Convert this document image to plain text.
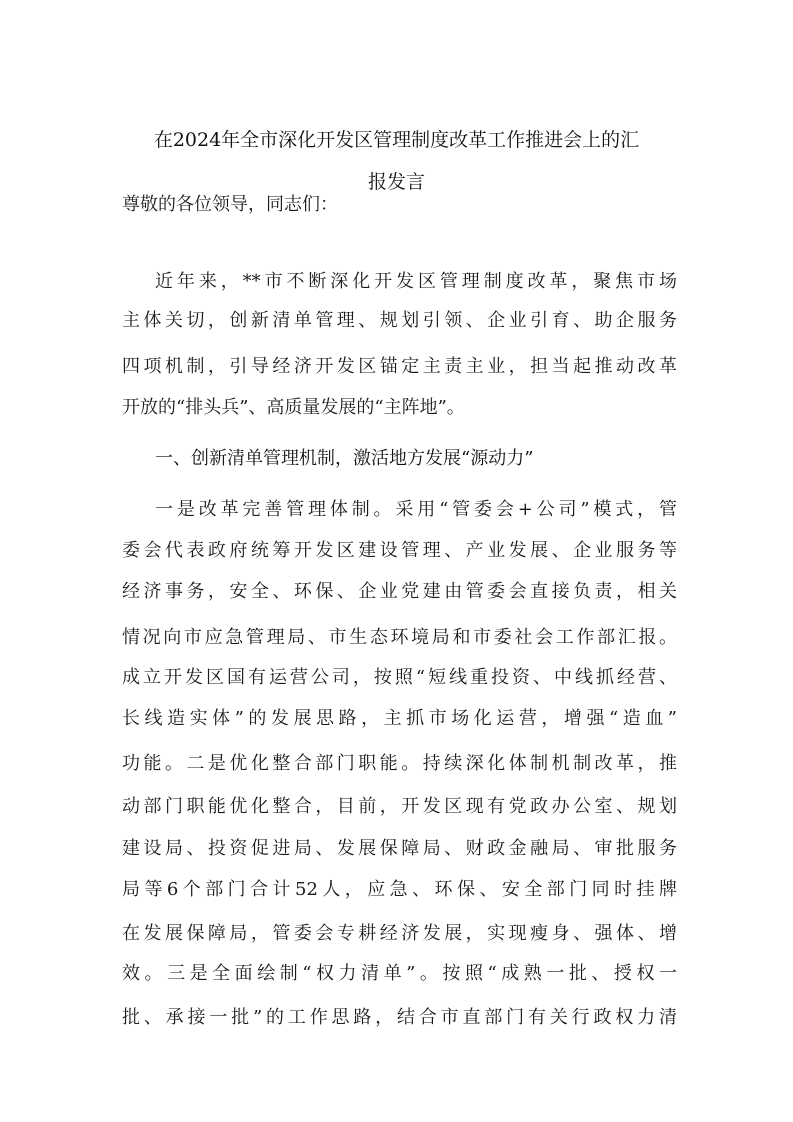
在2024年全市深化开发区管理制度改革工作推进会上的汇
报发言
尊敬的各位领导，同志们：
近年来，**市不断深化开发区管理制度改革，聚焦市场
主体关切，创新清单管理、规划引领、企业引育、助企服务
四项机制，引导经济开发区锚定主责主业，担当起推动改革
开放的“排头兵”、高质量发展的“主阵地”。
一、创新清单管理机制，激活地方发展“源动力”
一是改革完善管理体制。采用“管委会+公司”模式，管
委会代表政府统筹开发区建设管理、产业发展、企业服务等
经济事务，安全、环保、企业党建由管委会直接负责，相关
情况向市应急管理局、市生态环境局和市委社会工作部汇报。
成立开发区国有运营公司，按照“短线重投资、中线抓经营、
长线造实体”的发展思路，主抓市场化运营，增强“造血”
功能。二是优化整合部门职能。持续深化体制机制改革，推
动部门职能优化整合，目前，开发区现有党政办公室、规划
建设局、投资促进局、发展保障局、财政金融局、审批服务
局等6个部门合计52人，应急、环保、安全部门同时挂牌
在发展保障局，管委会专耕经济发展，实现瘦身、强体、增
效。三是全面绘制“权力清单”。按照“成熟一批、授权一
批、承接一批”的工作思路，结合市直部门有关行政权力清
